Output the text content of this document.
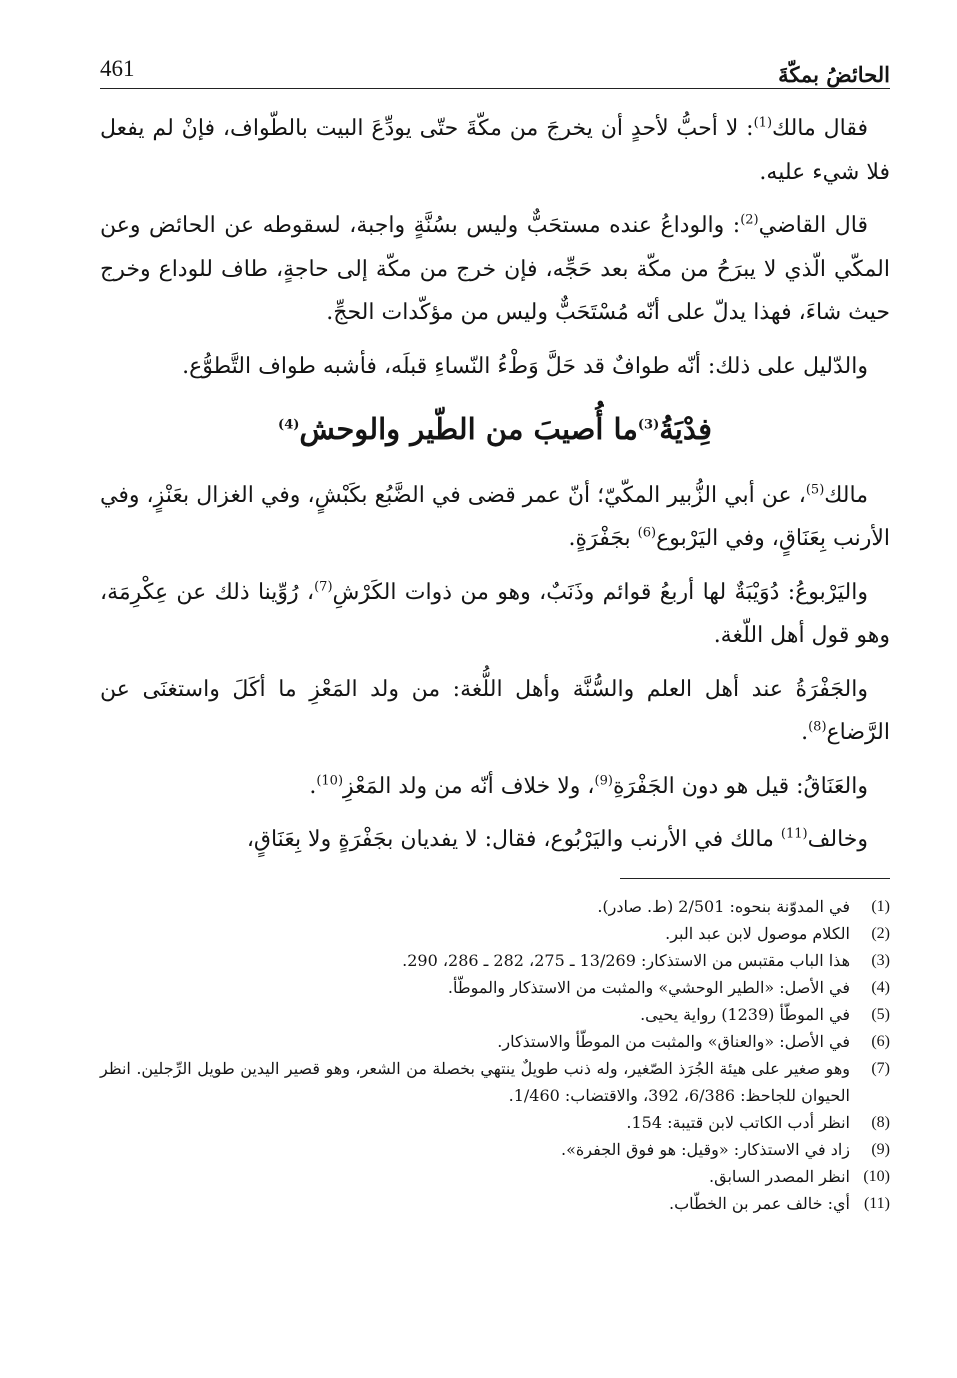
الحائضُ بمكّةَ
461

فقال مالك$^{(1)}$: لا أحبُّ لأحدٍ أن يخرجَ من مكّةَ حتّى يودِّعَ البيت بالطّواف، فإنْ لم يفعل فلا شيء عليه.

قال القاضي$^{(2)}$: والوداعُ عنده مستحَبٌّ وليس بسُنَّةٍ واجبة، لسقوطه عن الحائض وعن المكّي الّذي لا يبرَحُ من مكّة بعد حَجِّه، فإن خرج من مكّة إلى حاجةٍ، طاف للوداع وخرج حيث شاءَ، فهذا يدلّ على أنّه مُسْتَحَبٌّ وليس من مؤكّدات الحجِّ.

والدّليل على ذلك: أنّه طوافٌ قد حَلَّ وَطْءُ النّساءِ قبلَه، فأشبه طواف التَّطوُّع.

فِدْيَةُ$^{(3)}$ما أُصيبَ من الطّير والوحش$^{(4)}$

مالك$^{(5)}$، عن أبي الزُّبير المكّيّ؛ أنّ عمر قضى في الضَّبُع بكَبْشٍ، وفي الغزال بعَنْزٍ، وفي الأرنب بِعَنَاقٍ، وفي اليَرْبوع$^{(6)}$ بجَفْرَةٍ.

واليَرْبوعُ: دُوَيْبَةٌ لها أربعُ قوائم وذَنَبٌ، وهو من ذوات الكَرْشِ$^{(7)}$، رُوِّينا ذلك عن عِكْرِمَة، وهو قول أهل اللّغة.

والجَفْرَةُ عند أهل العلم والسُّنَّة وأهل اللُّغة: من ولد المَعْزِ ما أكَلَ واستغنَى عن الرَّضاع$^{(8)}$.

والعَنَاقُ: قيل هو دون الجَفْرَةِ$^{(9)}$، ولا خلاف أنّه من ولد المَعْزِ$^{(10)}$.

وخالف$^{(11)}$ مالك في الأرنب واليَرْبُوع، فقال: لا يفديان بجَفْرَةٍ ولا بِعَنَاقٍ،

(1)
في المدوّنة بنحوه: 2/501 (ط. صادر).
(2)
الكلام موصول لابن عبد البر.
(3)
هذا الباب مقتبس من الاستذكار: 13/269 ـ 275، 282 ـ 286، 290.
(4)
في الأصل: «الطير الوحشي» والمثبت من الاستذكار والموطّأ.
(5)
في الموطّأ (1239) رواية يحيى.
(6)
في الأصل: «والعناق» والمثبت من الموطّأ والاستذكار.
(7)
وهو صغير على هيئة الجُرَذ الصّغير، وله ذنب طويلٌ ينتهي بخصلة من الشعر، وهو قصير اليدين طويل الرِّجلين. انظر الحيوان للجاحظ: 6/386، 392، والاقتضاب: 1/460.
(8)
انظر أدب الكاتب لابن قتيبة: 154.
(9)
زاد في الاستذكار: «وقيل: هو فوق الجفرة».
(10)
انظر المصدر السابق.
(11)
أي: خالف عمر بن الخطّاب.
